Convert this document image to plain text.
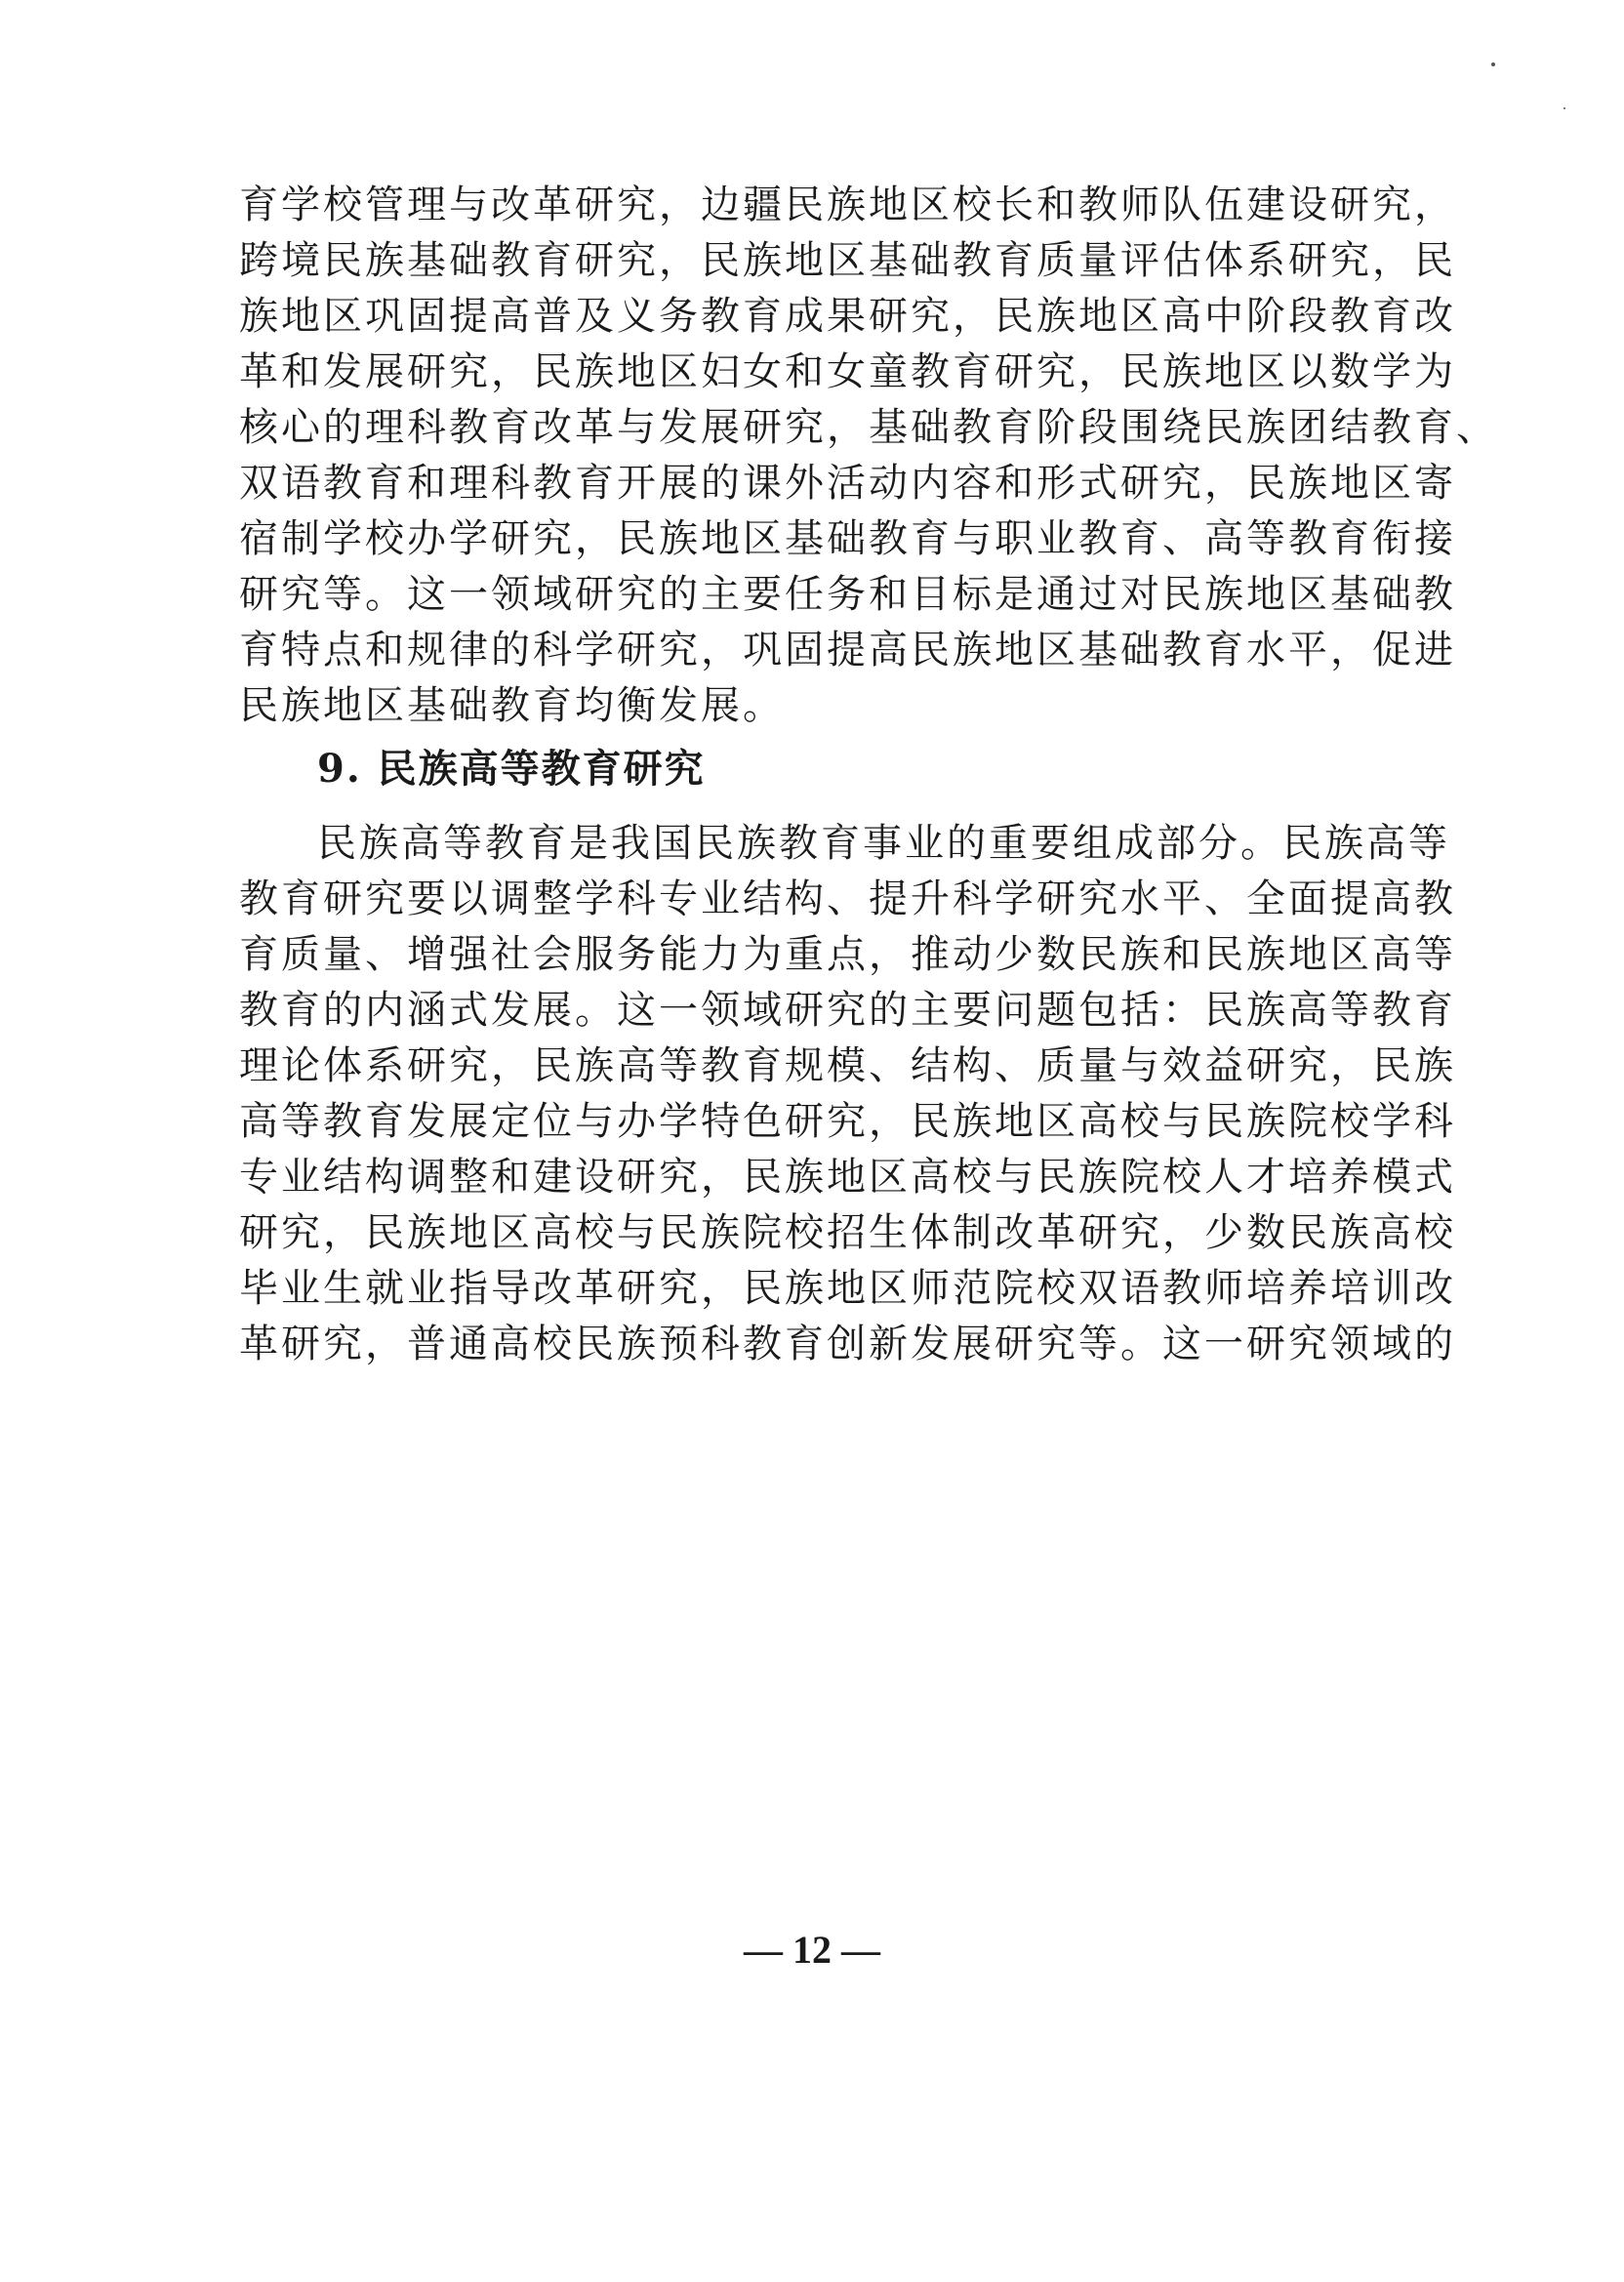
育学校管理与改革研究，边疆民族地区校长和教师队伍建设研究，
跨境民族基础教育研究，民族地区基础教育质量评估体系研究，民
族地区巩固提高普及义务教育成果研究，民族地区高中阶段教育改
革和发展研究，民族地区妇女和女童教育研究，民族地区以数学为
核心的理科教育改革与发展研究，基础教育阶段围绕民族团结教育、
双语教育和理科教育开展的课外活动内容和形式研究，民族地区寄
宿制学校办学研究，民族地区基础教育与职业教育、高等教育衔接
研究等。这一领域研究的主要任务和目标是通过对民族地区基础教
育特点和规律的科学研究，巩固提高民族地区基础教育水平，促进
民族地区基础教育均衡发展。
9. 民族高等教育研究
民族高等教育是我国民族教育事业的重要组成部分。民族高等
教育研究要以调整学科专业结构、提升科学研究水平、全面提高教
育质量、增强社会服务能力为重点，推动少数民族和民族地区高等
教育的内涵式发展。这一领域研究的主要问题包括：民族高等教育
理论体系研究，民族高等教育规模、结构、质量与效益研究，民族
高等教育发展定位与办学特色研究，民族地区高校与民族院校学科
专业结构调整和建设研究，民族地区高校与民族院校人才培养模式
研究，民族地区高校与民族院校招生体制改革研究，少数民族高校
毕业生就业指导改革研究，民族地区师范院校双语教师培养培训改
革研究，普通高校民族预科教育创新发展研究等。这一研究领域的
— 12 —
